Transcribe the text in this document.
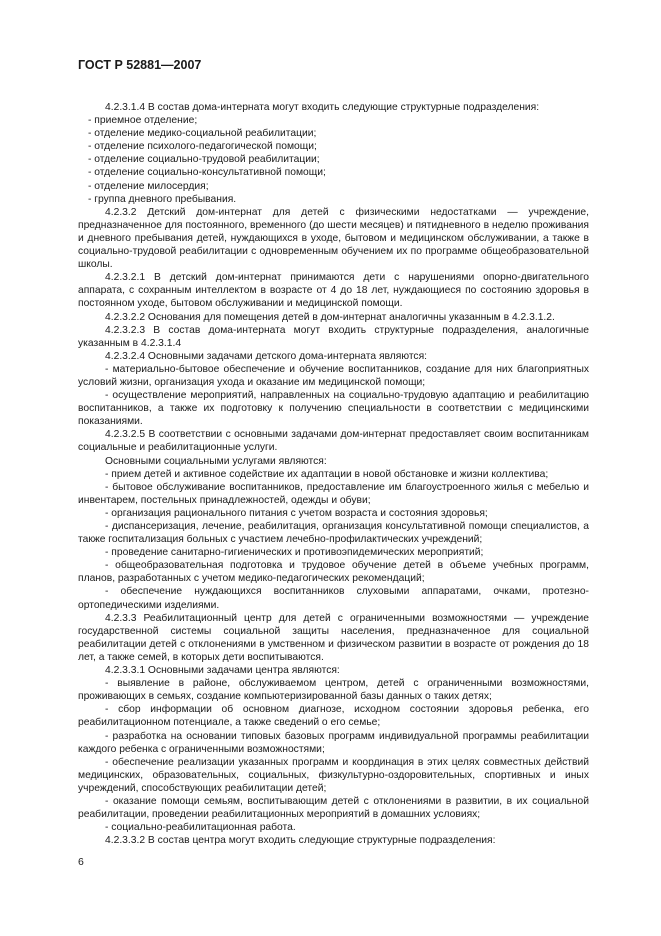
ГОСТ Р 52881—2007

4.2.3.1.4 В состав дома-интерната могут входить следующие структурные подразделения:

- приемное отделение;

- отделение медико-социальной реабилитации;

- отделение психолого-педагогической помощи;

- отделение социально-трудовой реабилитации;

- отделение социально-консультативной помощи;

- отделение милосердия;

- группа дневного пребывания.

4.2.3.2 Детский дом-интернат для детей с физическими недостатками — учреждение, предназначенное для постоянного, временного (до шести месяцев) и пятидневного в неделю проживания и дневного пребывания детей, нуждающихся в уходе, бытовом и медицинском обслуживании, а также в социально-трудовой реабилитации с одновременным обучением их по программе общеобразовательной школы.

4.2.3.2.1 В детский дом-интернат принимаются дети с нарушениями опорно-двигательного аппарата, с сохранным интеллектом в возрасте от 4 до 18 лет, нуждающиеся по состоянию здоровья в постоянном уходе, бытовом обслуживании и медицинской помощи.

4.2.3.2.2 Основания для помещения детей в дом-интернат аналогичны указанным в 4.2.3.1.2.

4.2.3.2.3 В состав дома-интерната могут входить структурные подразделения, аналогичные указанным в 4.2.3.1.4

4.2.3.2.4 Основными задачами детского дома-интерната являются:

- материально-бытовое обеспечение и обучение воспитанников, создание для них благоприятных условий жизни, организация ухода и оказание им медицинской помощи;

- осуществление мероприятий, направленных на социально-трудовую адаптацию и реабилитацию воспитанников, а также их подготовку к получению специальности в соответствии с медицинскими показаниями.

4.2.3.2.5 В соответствии с основными задачами дом-интернат предоставляет своим воспитанникам социальные и реабилитационные услуги.

Основными социальными услугами являются:

- прием детей и активное содействие их адаптации в новой обстановке и жизни коллектива;

- бытовое обслуживание воспитанников, предоставление им благоустроенного жилья с мебелью и инвентарем, постельных принадлежностей, одежды и обуви;

- организация рационального питания с учетом возраста и состояния здоровья;

- диспансеризация, лечение, реабилитация, организация консультативной помощи специалистов, а также госпитализация больных с участием лечебно-профилактических учреждений;

- проведение санитарно-гигиенических и противоэпидемических мероприятий;

- общеобразовательная подготовка и трудовое обучение детей в объеме учебных программ, планов, разработанных с учетом медико-педагогических рекомендаций;

- обеспечение нуждающихся воспитанников слуховыми аппаратами, очками, протезно-ортопедическими изделиями.

4.2.3.3 Реабилитационный центр для детей с ограниченными возможностями — учреждение государственной системы социальной защиты населения, предназначенное для социальной реабилитации детей с отклонениями в умственном и физическом развитии в возрасте от рождения до 18 лет, а также семей, в которых дети воспитываются.

4.2.3.3.1 Основными задачами центра являются:

- выявление в районе, обслуживаемом центром, детей с ограниченными возможностями, проживающих в семьях, создание компьютеризированной базы данных о таких детях;

- сбор информации об основном диагнозе, исходном состоянии здоровья ребенка, его реабилитационном потенциале, а также сведений о его семье;

- разработка на основании типовых базовых программ индивидуальной программы реабилитации каждого ребенка с ограниченными возможностями;

- обеспечение реализации указанных программ и координация в этих целях совместных действий медицинских, образовательных, социальных, физкультурно-оздоровительных, спортивных и иных учреждений, способствующих реабилитации детей;

- оказание помощи семьям, воспитывающим детей с отклонениями в развитии, в их социальной реабилитации, проведении реабилитационных мероприятий в домашних условиях;

- социально-реабилитационная работа.

4.2.3.3.2 В состав центра могут входить следующие структурные подразделения:

6
